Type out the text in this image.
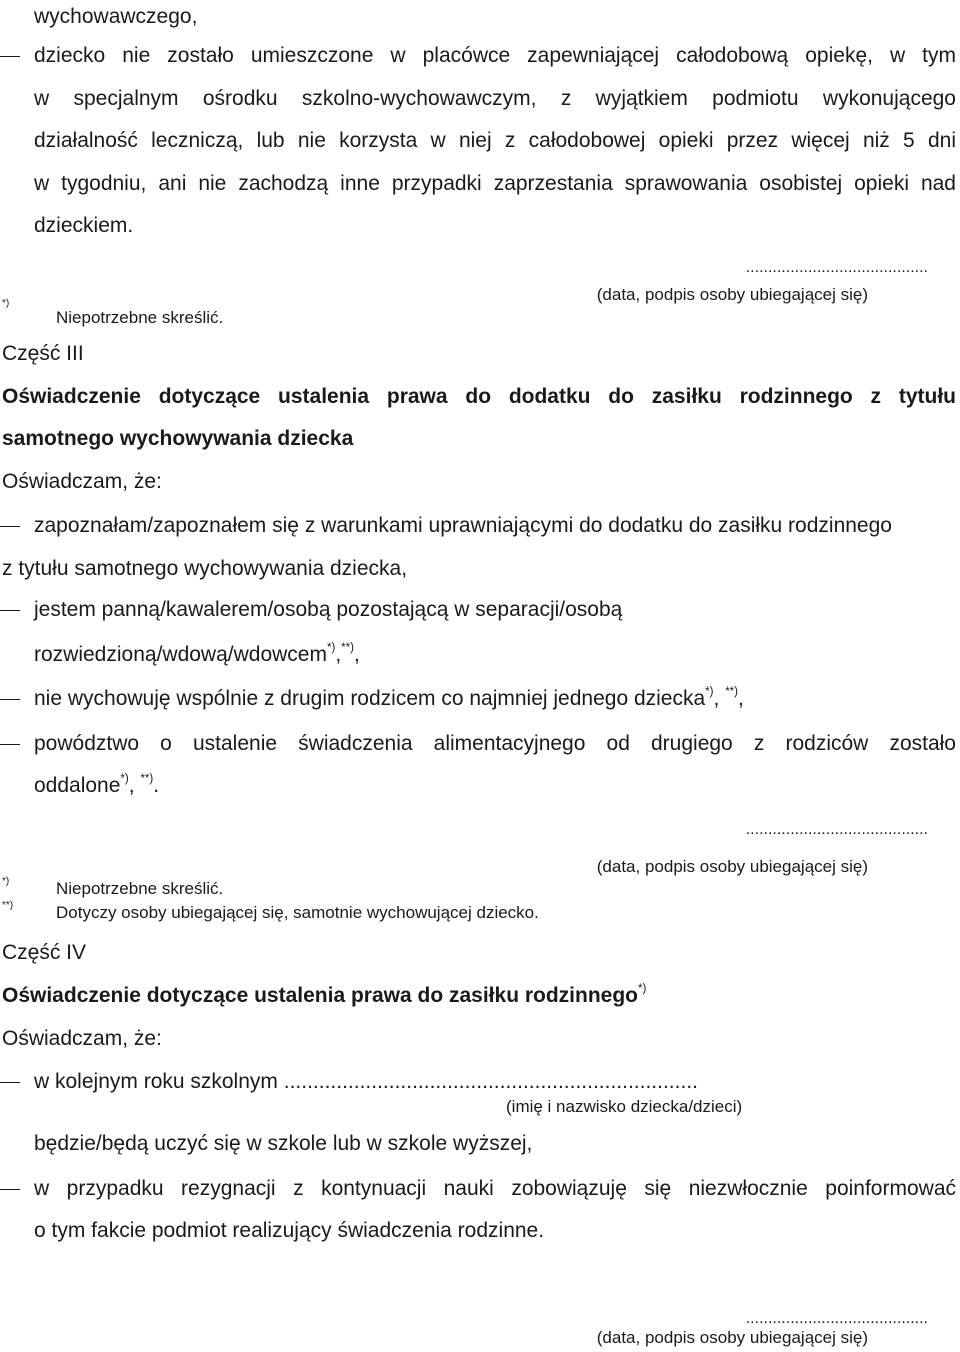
wychowawczego,
dziecko nie zostało umieszczone w placówce zapewniającej całodobową opiekę, w tym
w specjalnym ośrodku szkolno-wychowawczym, z wyjątkiem podmiotu wykonującego
działalność leczniczą, lub nie korzysta w niej z całodobowej opieki przez więcej niż 5 dni
w tygodniu, ani nie zachodzą inne przypadki zaprzestania sprawowania osobistej opieki nad
dzieckiem.
.........................................
(data, podpis osoby ubiegającej się)
*)
Niepotrzebne skreślić.
Część III
Oświadczenie dotyczące ustalenia prawa do dodatku do zasiłku rodzinnego z tytułu
samotnego wychowywania dziecka
Oświadczam, że:
zapoznałam/zapoznałem się z warunkami uprawniającymi do dodatku do zasiłku rodzinnego
z tytułu samotnego wychowywania dziecka,
jestem panną/kawalerem/osobą pozostającą w separacji/osobą
rozwiedzioną/wdową/wdowcem*),**),
nie wychowuję wspólnie z drugim rodzicem co najmniej jednego dziecka*), **),
powództwo o ustalenie świadczenia alimentacyjnego od drugiego z rodziców zostało
oddalone*), **).
.........................................
(data, podpis osoby ubiegającej się)
*)	Niepotrzebne skreślić.
**)	Dotyczy osoby ubiegającej się, samotnie wychowującej dziecko.
Część IV
Oświadczenie dotyczące ustalenia prawa do zasiłku rodzinnego*)
Oświadczam, że:
w kolejnym roku szkolnym .......................................................................
(imię i nazwisko dziecka/dzieci)
będzie/będą uczyć się w szkole lub w szkole wyższej,
w przypadku rezygnacji z kontynuacji nauki zobowiązuję się niezwłocznie poinformować
o tym fakcie podmiot realizujący świadczenia rodzinne.
.........................................
(data, podpis osoby ubiegającej się)
